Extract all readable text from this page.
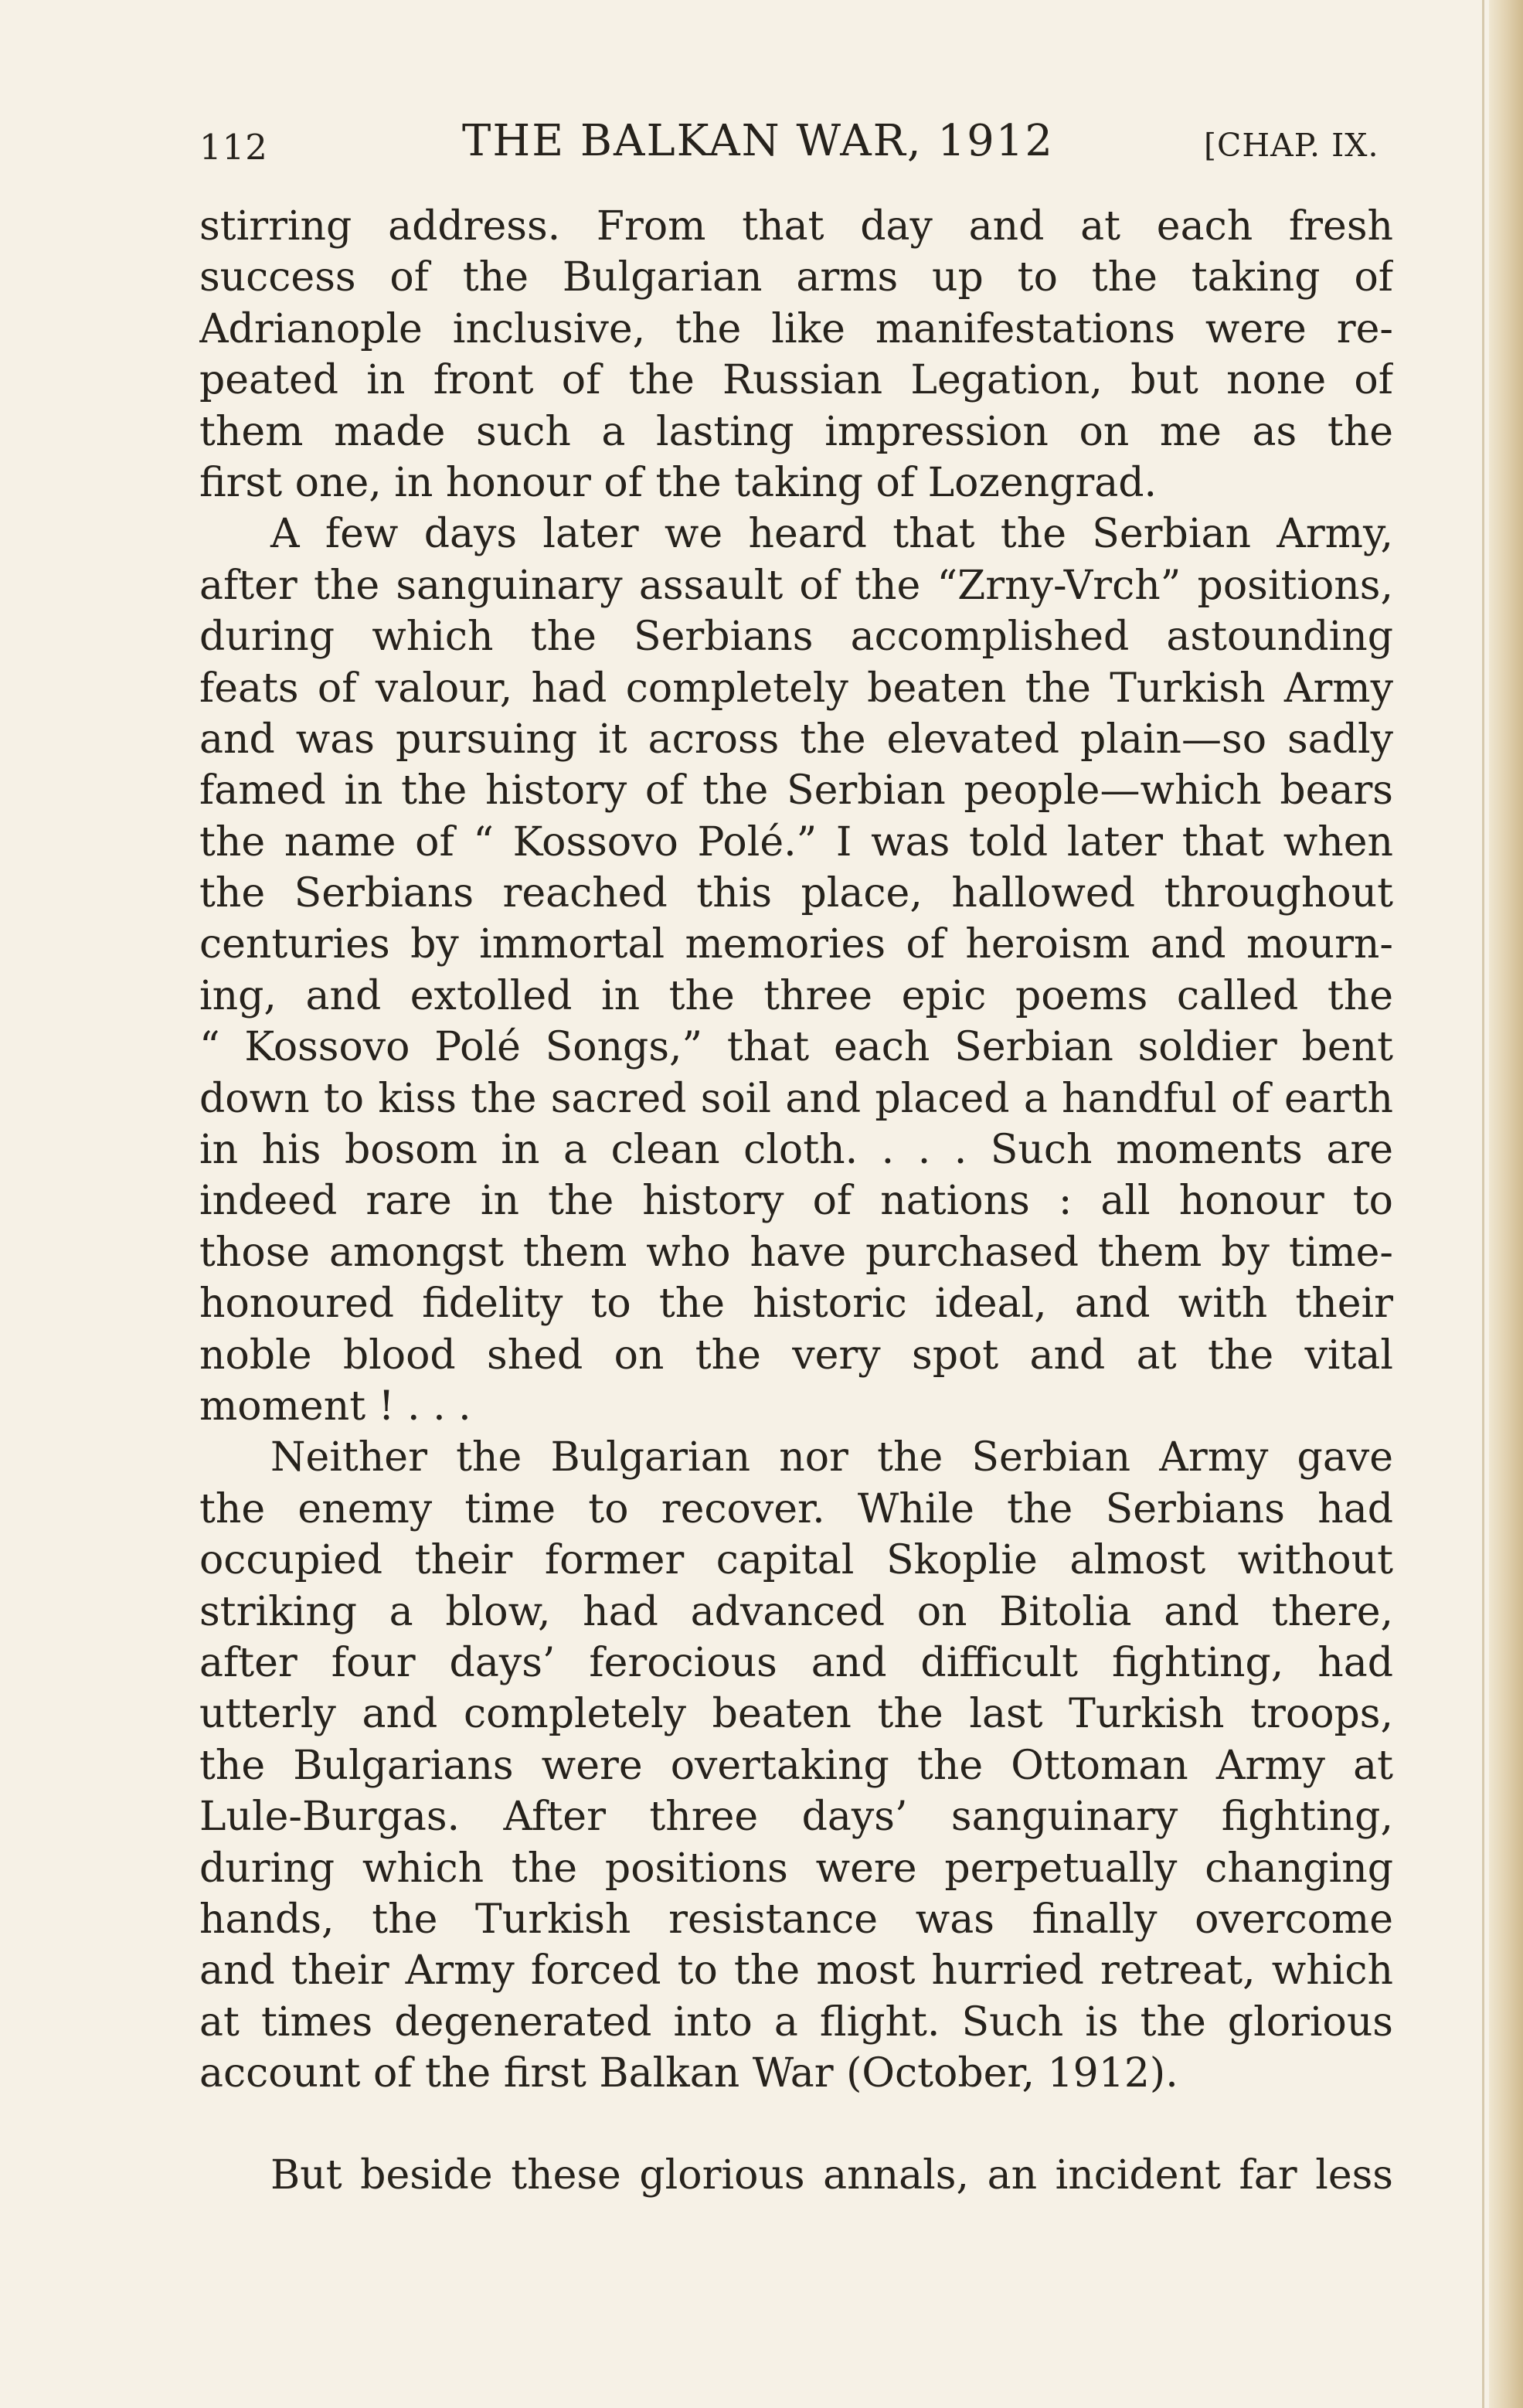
112	THE BALKAN WAR, 1912	[CHAP. IX.
stirring address. From that day and at each fresh
success of the Bulgarian arms up to the taking of
Adrianople inclusive, the like manifestations were re-
peated in front of the Russian Legation, but none of
them made such a lasting impression on me as the
first one, in honour of the taking of Lozengrad.
A few days later we heard that the Serbian Army,
after the sanguinary assault of the “Zrny-Vrch” positions,
during which the Serbians accomplished astounding
feats of valour, had completely beaten the Turkish Army
and was pursuing it across the elevated plain—so sadly
famed in the history of the Serbian people—which bears
the name of “ Kossovo Polé.” I was told later that when
the Serbians reached this place, hallowed throughout
centuries by immortal memories of heroism and mourn-
ing, and extolled in the three epic poems called the
“ Kossovo Polé Songs,” that each Serbian soldier bent
down to kiss the sacred soil and placed a handful of earth
in his bosom in a clean cloth. . . . Such moments are
indeed rare in the history of nations : all honour to
those amongst them who have purchased them by time-
honoured fidelity to the historic ideal, and with their
noble blood shed on the very spot and at the vital
moment ! . . .
Neither the Bulgarian nor the Serbian Army gave
the enemy time to recover. While the Serbians had
occupied their former capital Skoplie almost without
striking a blow, had advanced on Bitolia and there,
after four days’ ferocious and difficult fighting, had
utterly and completely beaten the last Turkish troops,
the Bulgarians were overtaking the Ottoman Army at
Lule-Burgas. After three days’ sanguinary fighting,
during which the positions were perpetually changing
hands, the Turkish resistance was finally overcome
and their Army forced to the most hurried retreat, which
at times degenerated into a flight. Such is the glorious
account of the first Balkan War (October, 1912).
But beside these glorious annals, an incident far less
